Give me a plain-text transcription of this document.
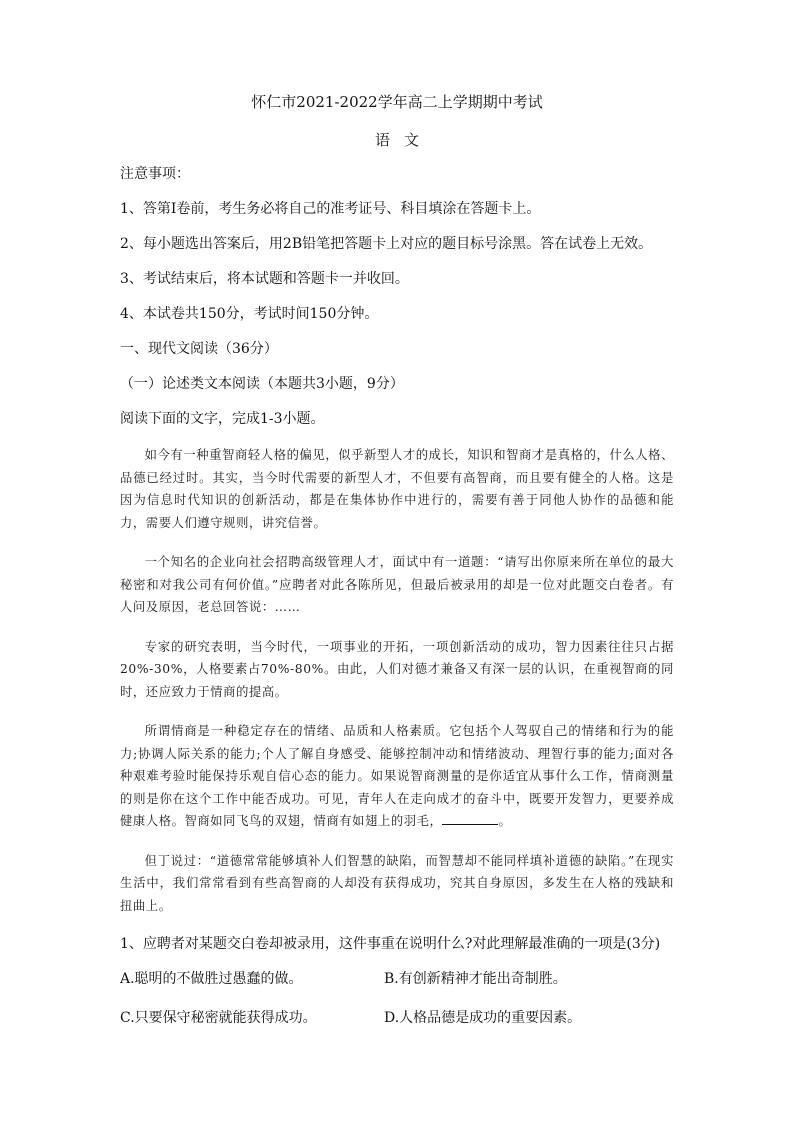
怀仁市2021-2022学年高二上学期期中考试
语文
注意事项：
1、答第Ⅰ卷前，考生务必将自己的准考证号、科目填涂在答题卡上。
2、每小题选出答案后，用2B铅笔把答题卡上对应的题目标号涂黑。答在试卷上无效。
3、考试结束后，将本试题和答题卡一并收回。
4、本试卷共150分，考试时间150分钟。
一、现代文阅读（36分）
（一）论述类文本阅读（本题共3小题，9分）
阅读下面的文字，完成1-3小题。
如今有一种重智商轻人格的偏见，似乎新型人才的成长，知识和智商才是真格的，什么人格、品德已经过时。其实，当今时代需要的新型人才，不但要有高智商，而且要有健全的人格。这是因为信息时代知识的创新活动，都是在集体协作中进行的，需要有善于同他人协作的品德和能力，需要人们遵守规则，讲究信誉。
一个知名的企业向社会招聘高级管理人才，面试中有一道题：“请写出你原来所在单位的最大秘密和对我公司有何价值。”应聘者对此各陈所见，但最后被录用的却是一位对此题交白卷者。有人问及原因，老总回答说：……
专家的研究表明，当今时代，一项事业的开拓，一项创新活动的成功，智力因素往往只占据20%-30%，人格要素占70%-80%。由此，人们对德才兼备又有深一层的认识，在重视智商的同时，还应致力于情商的提高。
所谓情商是一种稳定存在的情绪、品质和人格素质。它包括个人驾驭自己的情绪和行为的能力;协调人际关系的能力;个人了解自身感受、能够控制冲动和情绪波动、理智行事的能力;面对各种艰难考验时能保持乐观自信心态的能力。如果说智商测量的是你适宜从事什么工作，情商测量的则是你在这个工作中能否成功。可见，青年人在走向成才的奋斗中，既要开发智力，更要养成健康人格。智商如同飞鸟的双翅，情商有如翅上的羽毛，	。
但丁说过：“道德常常能够填补人们智慧的缺陷，而智慧却不能同样填补道德的缺陷。”在现实生活中，我们常常看到有些高智商的人却没有获得成功，究其自身原因，多发生在人格的残缺和扭曲上。
1、应聘者对某题交白卷却被录用，这件事重在说明什么?对此理解最准确的一项是(3分)
A.聪明的不做胜过愚蠢的做。	B.有创新精神才能出奇制胜。
C.只要保守秘密就能获得成功。	D.人格品德是成功的重要因素。
